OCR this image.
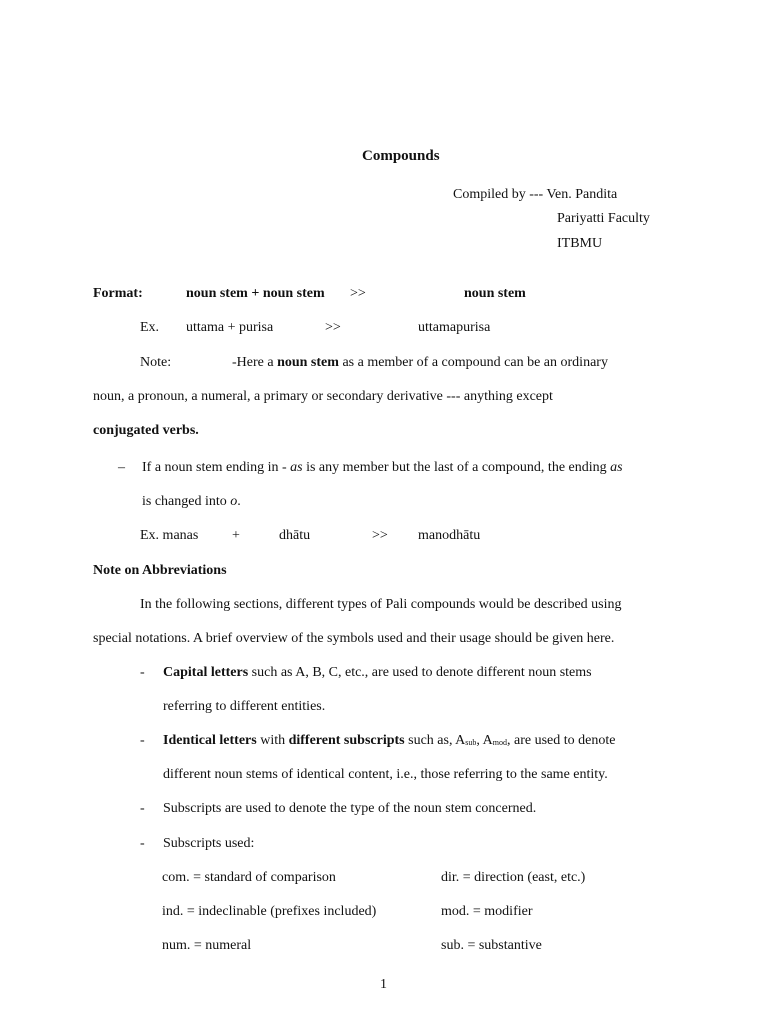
Compounds
Compiled by --- Ven. Pandita
Pariyatti Faculty
ITBMU
Format:	noun stem + noun stem >>	noun stem
Ex. uttama + purisa	>>	uttamapurisa
Note:	-Here a noun stem as a member of a compound can be an ordinary
noun, a pronoun, a numeral, a primary or secondary derivative --- anything except
conjugated verbs.
– If a noun stem ending in - as is any member but the last of a compound, the ending as
is changed into o.
Ex. manas +	dhātu	>> manodhātu
Note on Abbreviations
In the following sections, different types of Pali compounds would be described using
special notations. A brief overview of the symbols used and their usage should be given here.
- Capital letters such as A, B, C, etc., are used to denote different noun stems
referring to different entities.
- Identical letters with different subscripts such as, Asub, Amod, are used to denote
different noun stems of identical content, i.e., those referring to the same entity.
- Subscripts are used to denote the type of the noun stem concerned.
- Subscripts used:
com. = standard of comparison	dir. = direction (east, etc.)
ind. = indeclinable (prefixes included)	mod. = modifier
num. = numeral	sub. = substantive
1
